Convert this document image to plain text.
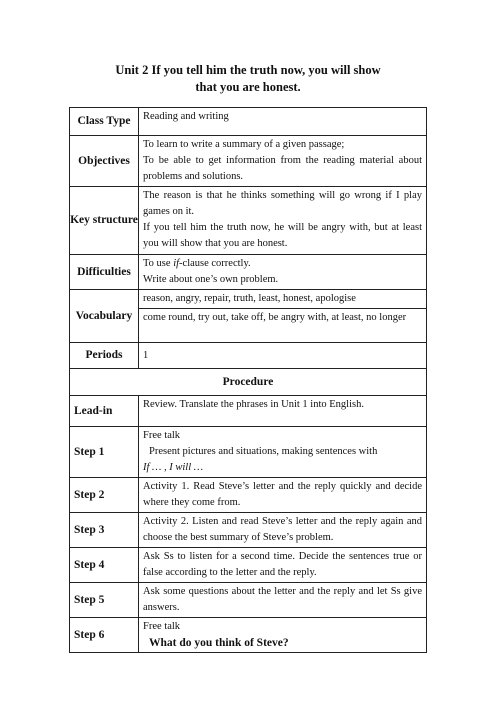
Unit 2 If you tell him the truth now, you will show
that you are honest.
Class Type	Reading and writing
Objectives	To learn to write a summary of a given passage;
To be able to get information from the reading material about problems and solutions.

Key structure	The reason is that he thinks something will go wrong if I play games on it.
If you tell him the truth now, he will be angry with, but at least you will show that you are honest.

Difficulties	To use if-clause correctly.
Write about one’s own problem.

Vocabulary	reason, angry, repair, truth, least, honest, apologise
	come round, try out, take off, be angry with, at least, no longer
Periods	1
Procedure	
Lead-in	Review. Translate the phrases in Unit 1 into English.
Step 1	Free talk
Present pictures and situations, making sentences with
If … , I will …

Step 2	Activity 1. Read Steve’s letter and the reply quickly and decide where they come from.
Step 3	Activity 2. Listen and read Steve’s letter and the reply again and choose the best summary of Steve’s problem.
Step 4	Ask Ss to listen for a second time. Decide the sentences true or false according to the letter and the reply.
Step 5	Ask some questions about the letter and the reply and let Ss give answers.
Step 6	Free talk
What do you think of Steve?
